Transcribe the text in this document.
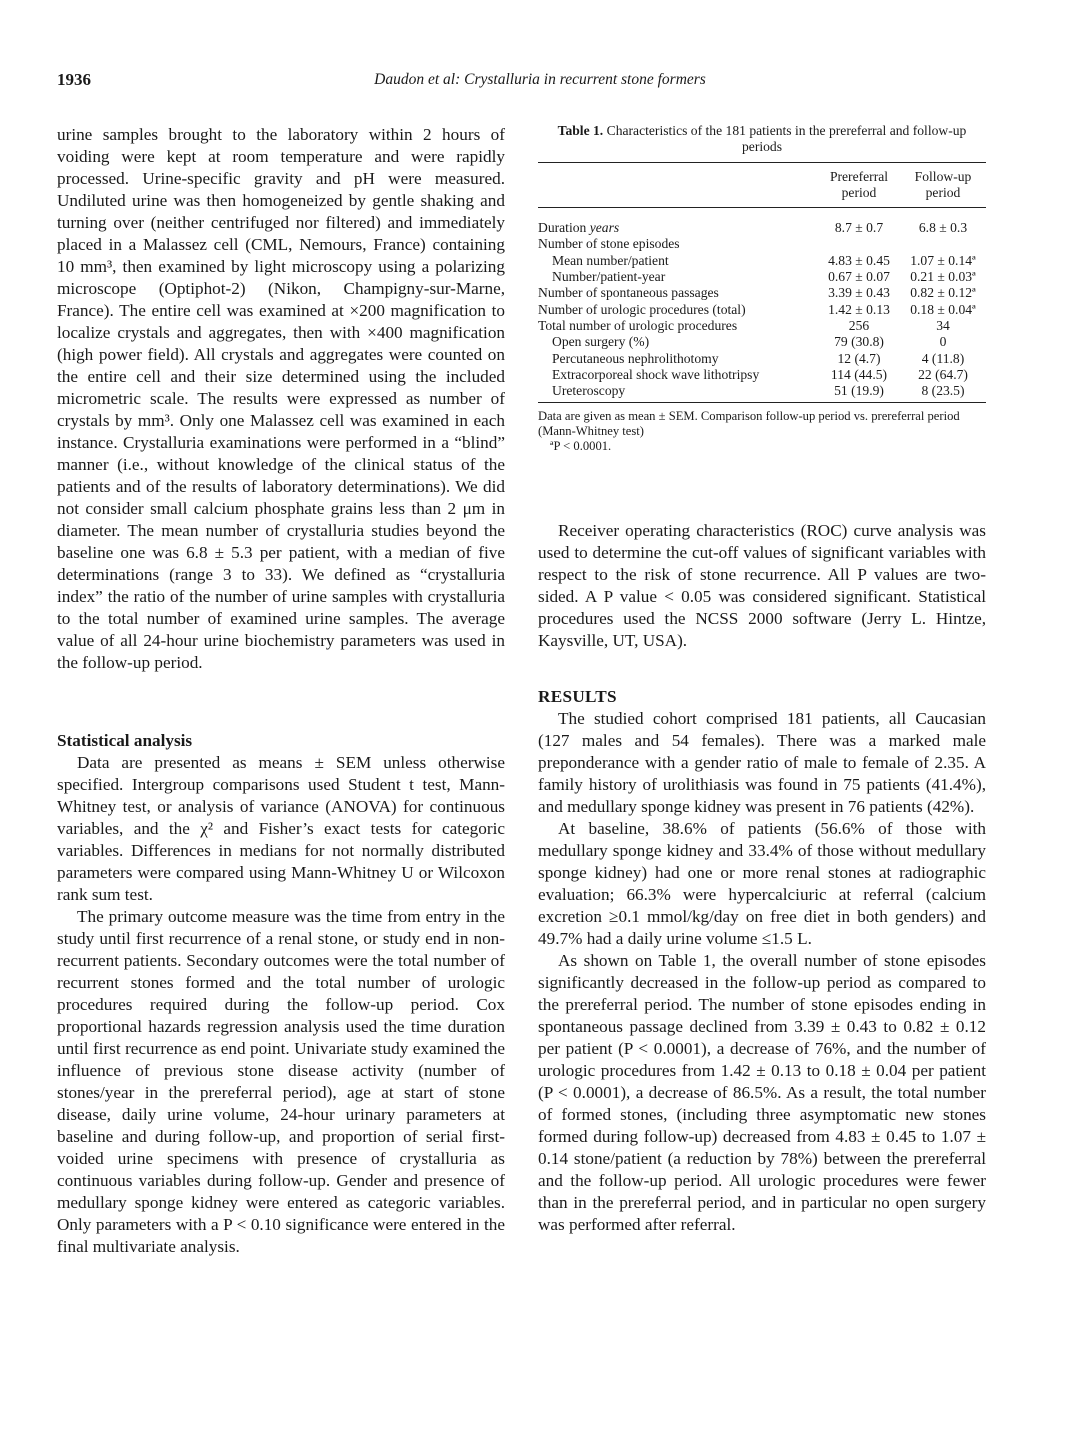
1936	Daudon et al: Crystalluria in recurrent stone formers

urine samples brought to the laboratory within 2 hours of voiding were kept at room temperature and were rapidly processed. Urine-specific gravity and pH were measured. Undiluted urine was then homogeneized by gentle shaking and turning over (neither centrifuged nor filtered) and immediately placed in a Malassez cell (CML, Nemours, France) containing 10 mm³, then examined by light microscopy using a polarizing microscope (Optiphot-2) (Nikon, Champigny-sur-Marne, France). The entire cell was examined at ×200 magnification to localize crystals and aggregates, then with ×400 magnification (high power field). All crystals and aggregates were counted on the entire cell and their size determined using the included micrometric scale. The results were expressed as number of crystals by mm³. Only one Malassez cell was examined in each instance. Crystalluria examinations were performed in a “blind” manner (i.e., without knowledge of the clinical status of the patients and of the results of laboratory determinations). We did not consider small calcium phosphate grains less than 2 μm in diameter. The mean number of crystalluria studies beyond the baseline one was 6.8 ± 5.3 per patient, with a median of five determinations (range 3 to 33). We defined as “crystalluria index” the ratio of the number of urine samples with crystalluria to the total number of examined urine samples. The average value of all 24-hour urine biochemistry parameters was used in the follow-up period.

Statistical analysis

Data are presented as means ± SEM unless otherwise specified. Intergroup comparisons used Student t test, Mann-Whitney test, or analysis of variance (ANOVA) for continuous variables, and the χ² and Fisher’s exact tests for categoric variables. Differences in medians for not normally distributed parameters were compared using Mann-Whitney U or Wilcoxon rank sum test.

The primary outcome measure was the time from entry in the study until first recurrence of a renal stone, or study end in non-recurrent patients. Secondary outcomes were the total number of recurrent stones formed and the total number of urologic procedures required during the follow-up period. Cox proportional hazards regression analysis used the time duration until first recurrence as end point. Univariate study examined the influence of previous stone disease activity (number of stones/year in the prereferral period), age at start of stone disease, daily urine volume, 24-hour urinary parameters at baseline and during follow-up, and proportion of serial first-voided urine specimens with presence of crystalluria as continuous variables during follow-up. Gender and presence of medullary sponge kidney were entered as categoric variables. Only parameters with a P < 0.10 significance were entered in the final multivariate analysis.

Table 1. Characteristics of the 181 patients in the prereferral and follow-up periods
	Prereferral period	Follow-up period
Duration years	8.7 ± 0.7	6.8 ± 0.3
Number of stone episodes		
Mean number/patient	4.83 ± 0.45	1.07 ± 0.14ª
Number/patient-year	0.67 ± 0.07	0.21 ± 0.03ª
Number of spontaneous passages	3.39 ± 0.43	0.82 ± 0.12ª
Number of urologic procedures (total)	1.42 ± 0.13	0.18 ± 0.04ª
Total number of urologic procedures	256	34
Open surgery (%)	79 (30.8)	0
Percutaneous nephrolithotomy	12 (4.7)	4 (11.8)
Extracorporeal shock wave lithotripsy	114 (44.5)	22 (64.7)
Ureteroscopy	51 (19.9)	8 (23.5)
Data are given as mean ± SEM. Comparison follow-up period vs. prereferral period (Mann-Whitney test)
ªP < 0.0001.

Receiver operating characteristics (ROC) curve analysis was used to determine the cut-off values of significant variables with respect to the risk of stone recurrence. All P values are two-sided. A P value < 0.05 was considered significant. Statistical procedures used the NCSS 2000 software (Jerry L. Hintze, Kaysville, UT, USA).

RESULTS

The studied cohort comprised 181 patients, all Caucasian (127 males and 54 females). There was a marked male preponderance with a gender ratio of male to female of 2.35. A family history of urolithiasis was found in 75 patients (41.4%), and medullary sponge kidney was present in 76 patients (42%).

At baseline, 38.6% of patients (56.6% of those with medullary sponge kidney and 33.4% of those without medullary sponge kidney) had one or more renal stones at radiographic evaluation; 66.3% were hypercalciuric at referral (calcium excretion ≥0.1 mmol/kg/day on free diet in both genders) and 49.7% had a daily urine volume ≤1.5 L.

As shown on Table 1, the overall number of stone episodes significantly decreased in the follow-up period as compared to the prereferral period. The number of stone episodes ending in spontaneous passage declined from 3.39 ± 0.43 to 0.82 ± 0.12 per patient (P < 0.0001), a decrease of 76%, and the number of urologic procedures from 1.42 ± 0.13 to 0.18 ± 0.04 per patient (P < 0.0001), a decrease of 86.5%. As a result, the total number of formed stones, (including three asymptomatic new stones formed during follow-up) decreased from 4.83 ± 0.45 to 1.07 ± 0.14 stone/patient (a reduction by 78%) between the prereferral and the follow-up period. All urologic procedures were fewer than in the prereferral period, and in particular no open surgery was performed after referral.
